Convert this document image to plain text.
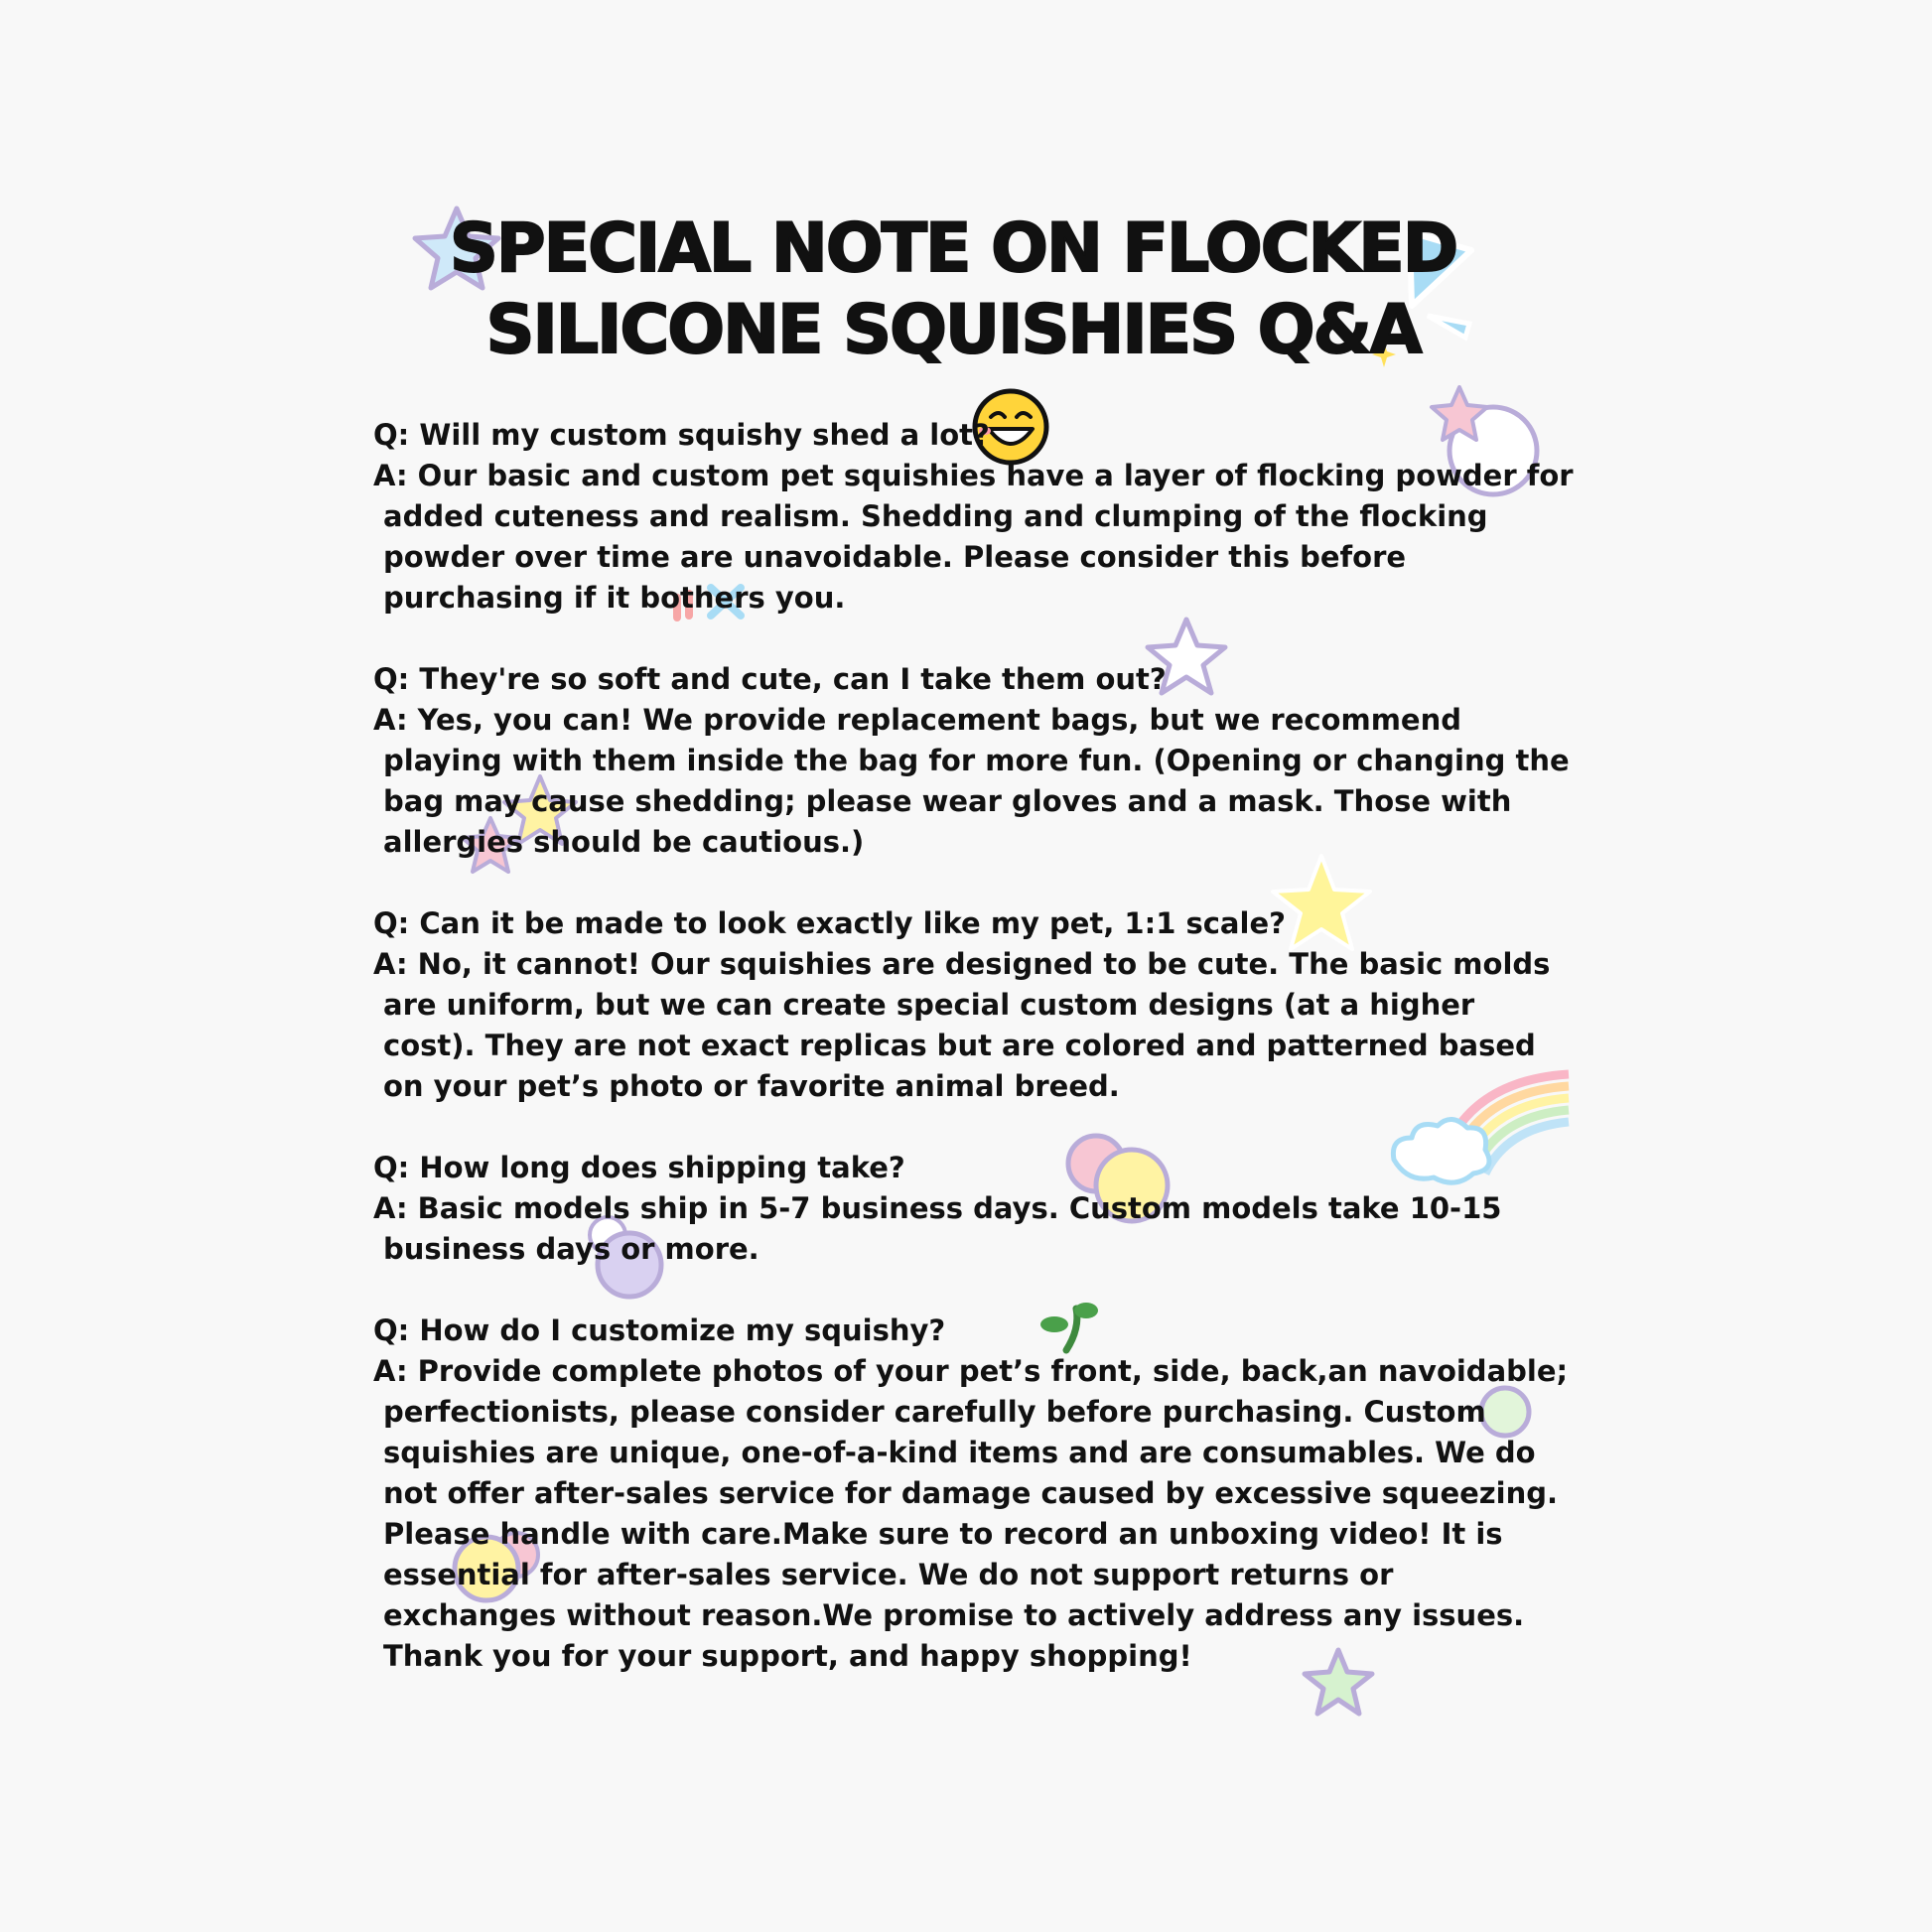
SPECIAL NOTE ON FLOCKED
SILICONE SQUISHIES Q&A
Q: Will my custom squishy shed a lot?
A: Our basic and custom pet squishies have a layer of flocking powder for added cuteness and realism. Shedding and clumping of the flocking powder over time are unavoidable. Please consider this before purchasing if it bothers you.
Q: They're so soft and cute, can I take them out?
A: Yes, you can! We provide replacement bags, but we recommend playing with them inside the bag for more fun. (Opening or changing the bag may cause shedding; please wear gloves and a mask. Those with allergies should be cautious.)
Q: Can it be made to look exactly like my pet, 1:1 scale?
A: No, it cannot! Our squishies are designed to be cute. The basic molds are uniform, but we can create special custom designs (at a higher cost). They are not exact replicas but are colored and patterned based on your pet’s photo or favorite animal breed.
Q: How long does shipping take?
A: Basic models ship in 5-7 business days. Custom models take 10-15 business days or more.
Q: How do I customize my squishy?
A: Provide complete photos of your pet’s front, side, back,an navoidable; perfectionists, please consider carefully before purchasing. Custom squishies are unique, one-of-a-kind items and are consumables. We do not offer after-sales service for damage caused by excessive squeezing. Please handle with care.Make sure to record an unboxing video! It is essential for after-sales service. We do not support returns or exchanges without reason.We promise to actively address any issues. Thank you for your support, and happy shopping!
